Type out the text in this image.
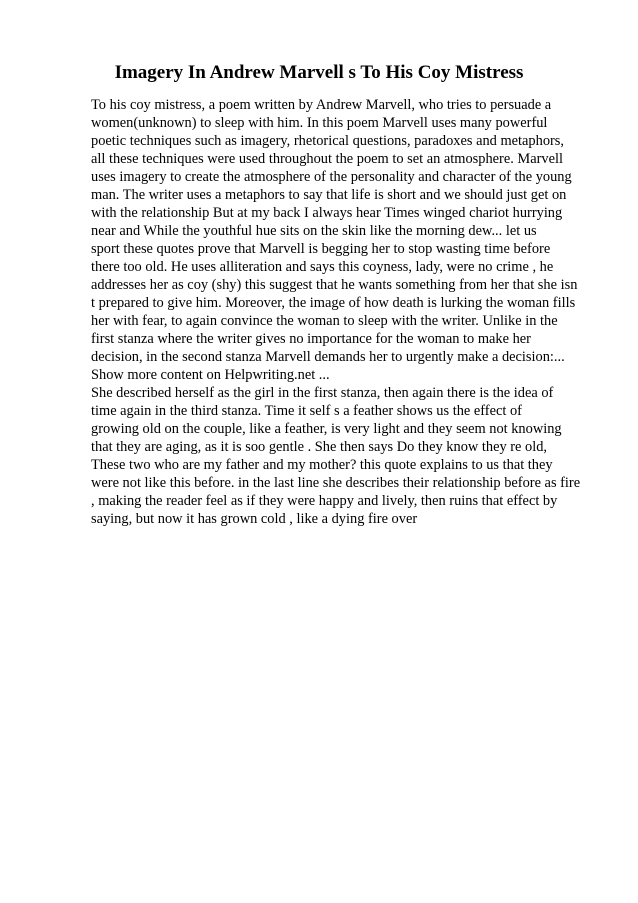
Imagery In Andrew Marvell s To His Coy Mistress

To his coy mistress, a poem written by Andrew Marvell, who tries to persuade a

women(unknown) to sleep with him. In this poem Marvell uses many powerful

poetic techniques such as imagery, rhetorical questions, paradoxes and metaphors,

all these techniques were used throughout the poem to set an atmosphere. Marvell

uses imagery to create the atmosphere of the personality and character of the young

man. The writer uses a metaphors to say that life is short and we should just get on

with the relationship But at my back I always hear Times winged chariot hurrying

near and While the youthful hue sits on the skin like the morning dew... let us

sport these quotes prove that Marvell is begging her to stop wasting time before

there too old. He uses alliteration and says this coyness, lady, were no crime , he

addresses her as coy (shy) this suggest that he wants something from her that she isn

t prepared to give him. Moreover, the image of how death is lurking the woman fills

her with fear, to again convince the woman to sleep with the writer. Unlike in the

first stanza where the writer gives no importance for the woman to make her

decision, in the second stanza Marvell demands her to urgently make a decision:...

Show more content on Helpwriting.net ...

She described herself as the girl in the first stanza, then again there is the idea of

time again in the third stanza. Time it self s a feather shows us the effect of

growing old on the couple, like a feather, is very light and they seem not knowing

that they are aging, as it is soo gentle . She then says Do they know they re old,

These two who are my father and my mother? this quote explains to us that they

were not like this before. in the last line she describes their relationship before as fire

, making the reader feel as if they were happy and lively, then ruins that effect by

saying, but now it has grown cold , like a dying fire over
